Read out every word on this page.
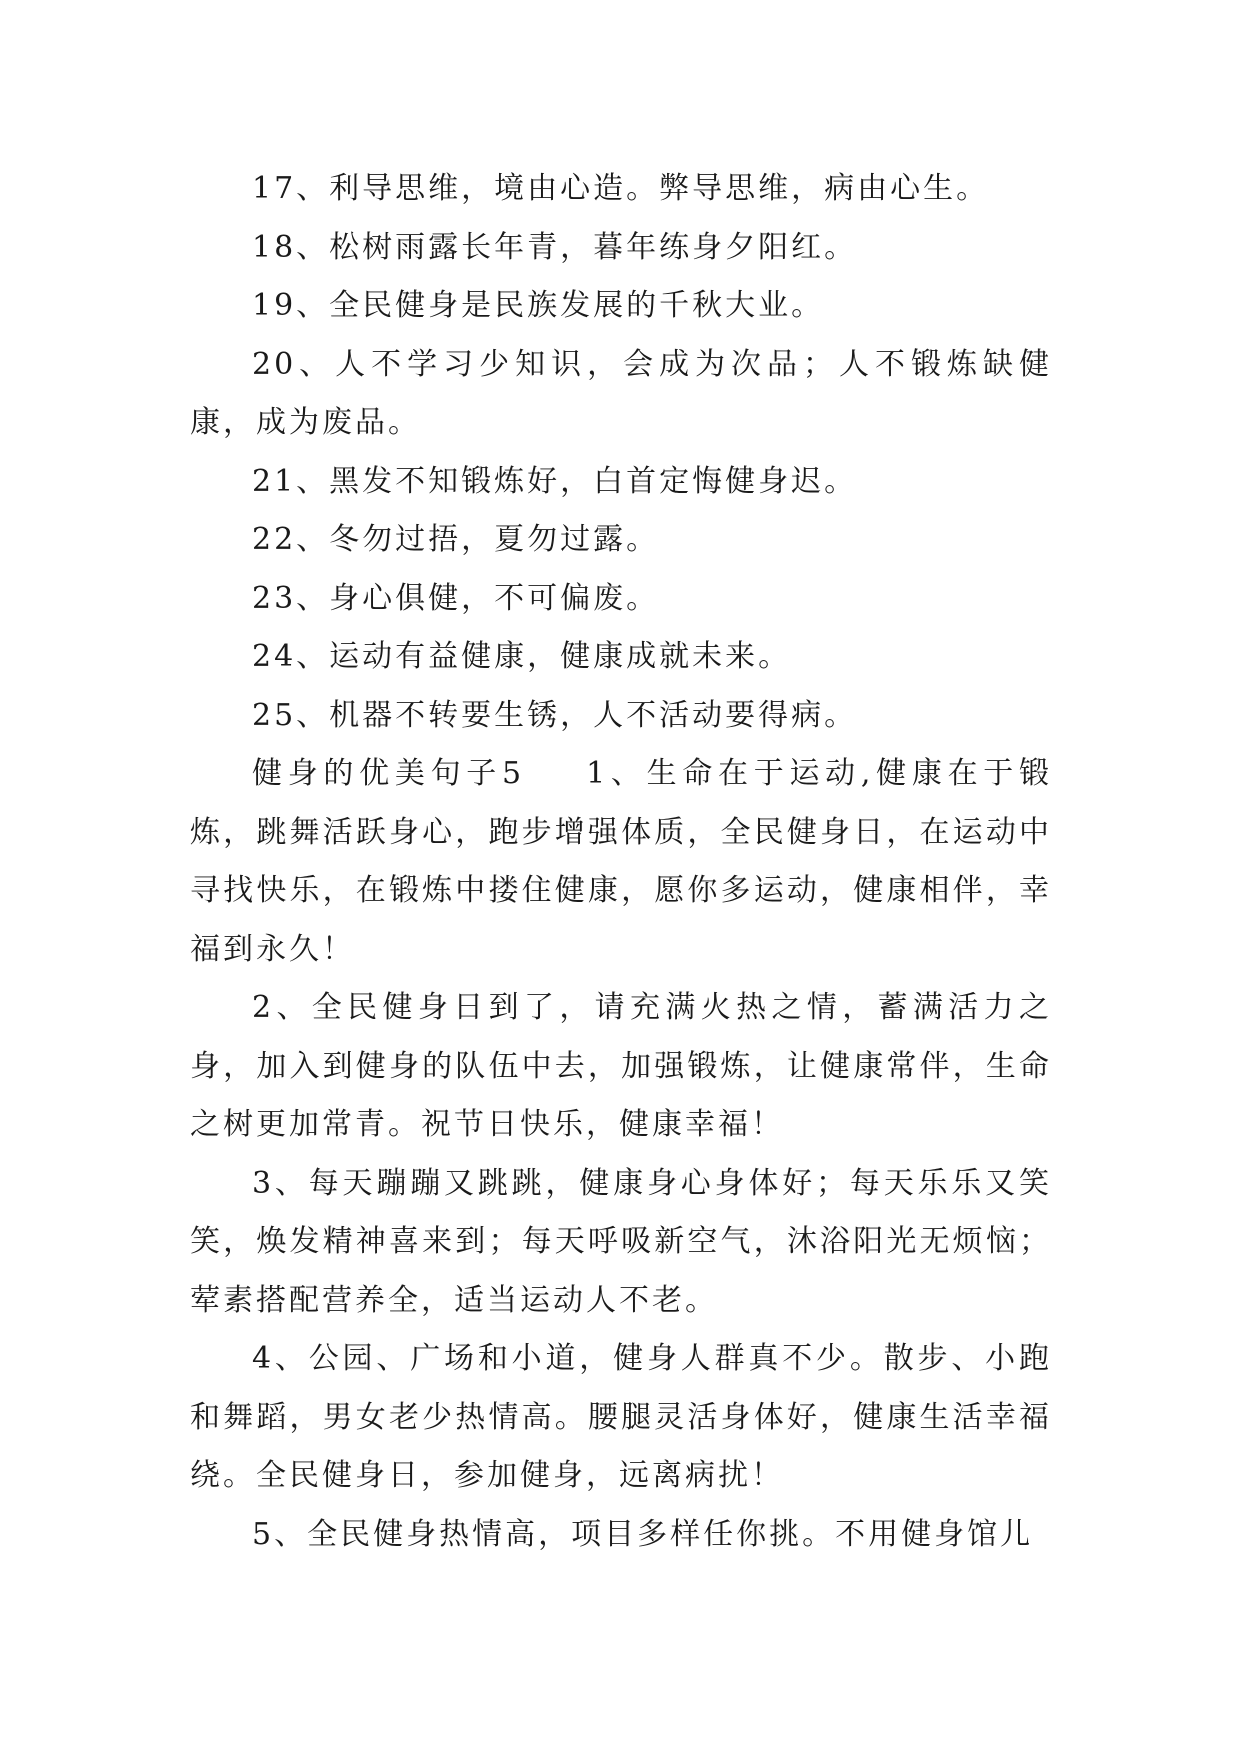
17、利导思维，境由心造。弊导思维，病由心生。

18、松树雨露长年青，暮年练身夕阳红。

19、全民健身是民族发展的千秋大业。

20、人不学习少知识，会成为次品；人不锻炼缺健康，成为废品。

21、黑发不知锻炼好，白首定悔健身迟。

22、冬勿过捂，夏勿过露。

23、身心俱健，不可偏废。

24、运动有益健康，健康成就未来。

25、机器不转要生锈，人不活动要得病。

健身的优美句子5 1、生命在于运动,健康在于锻炼，跳舞活跃身心，跑步增强体质，全民健身日，在运动中寻找快乐，在锻炼中搂住健康，愿你多运动，健康相伴，幸福到永久！

2、全民健身日到了，请充满火热之情，蓄满活力之身，加入到健身的队伍中去，加强锻炼，让健康常伴，生命之树更加常青。祝节日快乐，健康幸福！

3、每天蹦蹦又跳跳，健康身心身体好；每天乐乐又笑笑，焕发精神喜来到；每天呼吸新空气，沐浴阳光无烦恼；荤素搭配营养全，适当运动人不老。

4、公园、广场和小道，健身人群真不少。散步、小跑和舞蹈，男女老少热情高。腰腿灵活身体好，健康生活幸福绕。全民健身日，参加健身，远离病扰！

5、全民健身热情高，项目多样任你挑。不用健身馆儿
